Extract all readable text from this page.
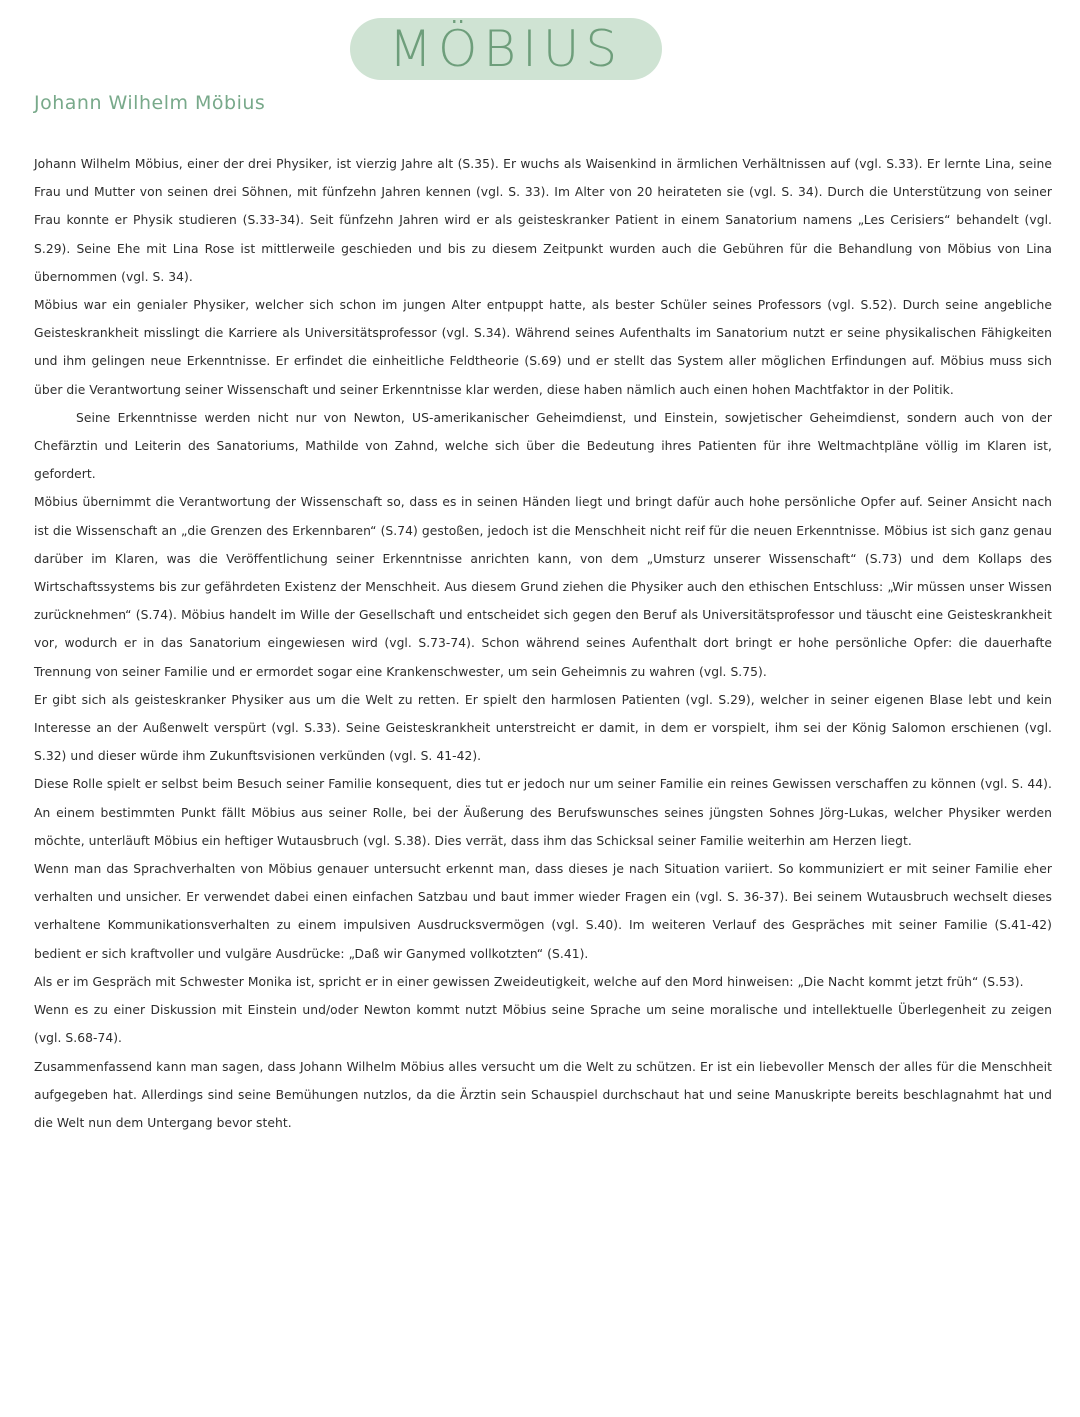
MÖBIUS
Johann Wilhelm Möbius

Johann Wilhelm Möbius, einer der drei Physiker, ist vierzig Jahre alt (S.35). Er wuchs als Waisenkind in ärmlichen Verhältnissen auf (vgl. S.33). Er lernte Lina, seine Frau und Mutter von seinen drei Söhnen, mit fünfzehn Jahren kennen (vgl. S. 33). Im Alter von 20 heirateten sie (vgl. S. 34). Durch die Unterstützung von seiner Frau konnte er Physik studieren (S.33-34). Seit fünfzehn Jahren wird er als geisteskranker Patient in einem Sanatorium namens „Les Cerisiers“ behandelt (vgl. S.29). Seine Ehe mit Lina Rose ist mittlerweile geschieden und bis zu diesem Zeitpunkt wurden auch die Gebühren für die Behandlung von Möbius von Lina übernommen (vgl. S. 34).

Möbius war ein genialer Physiker, welcher sich schon im jungen Alter entpuppt hatte, als bester Schüler seines Professors (vgl. S.52). Durch seine angebliche Geisteskrankheit misslingt die Karriere als Universitätsprofessor (vgl. S.34). Während seines Aufenthalts im Sanatorium nutzt er seine physikalischen Fähigkeiten und ihm gelingen neue Erkenntnisse. Er erfindet die einheitliche Feldtheorie (S.69) und er stellt das System aller möglichen Erfindungen auf. Möbius muss sich über die Verantwortung seiner Wissenschaft und seiner Erkenntnisse klar werden, diese haben nämlich auch einen hohen Machtfaktor in der Politik.

Seine Erkenntnisse werden nicht nur von Newton, US-amerikanischer Geheimdienst, und Einstein, sowjetischer Geheimdienst, sondern auch von der Chefärztin und Leiterin des Sanatoriums, Mathilde von Zahnd, welche sich über die Bedeutung ihres Patienten für ihre Weltmachtpläne völlig im Klaren ist, gefordert.

Möbius übernimmt die Verantwortung der Wissenschaft so, dass es in seinen Händen liegt und bringt dafür auch hohe persönliche Opfer auf. Seiner Ansicht nach ist die Wissenschaft an „die Grenzen des Erkennbaren“ (S.74) gestoßen, jedoch ist die Menschheit nicht reif für die neuen Erkenntnisse. Möbius ist sich ganz genau darüber im Klaren, was die Veröffentlichung seiner Erkenntnisse anrichten kann, von dem „Umsturz unserer Wissenschaft“ (S.73) und dem Kollaps des Wirtschaftssystems bis zur gefährdeten Existenz der Menschheit. Aus diesem Grund ziehen die Physiker auch den ethischen Entschluss: „Wir müssen unser Wissen zurücknehmen“ (S.74). Möbius handelt im Wille der Gesellschaft und entscheidet sich gegen den Beruf als Universitätsprofessor und täuscht eine Geisteskrankheit vor, wodurch er in das Sanatorium eingewiesen wird (vgl. S.73-74). Schon während seines Aufenthalt dort bringt er hohe persönliche Opfer: die dauerhafte Trennung von seiner Familie und er ermordet sogar eine Krankenschwester, um sein Geheimnis zu wahren (vgl. S.75).

Er gibt sich als geisteskranker Physiker aus um die Welt zu retten. Er spielt den harmlosen Patienten (vgl. S.29), welcher in seiner eigenen Blase lebt und kein Interesse an der Außenwelt verspürt (vgl. S.33). Seine Geisteskrankheit unterstreicht er damit, in dem er vorspielt, ihm sei der König Salomon erschienen (vgl. S.32) und dieser würde ihm Zukunftsvisionen verkünden (vgl. S. 41-42).

Diese Rolle spielt er selbst beim Besuch seiner Familie konsequent, dies tut er jedoch nur um seiner Familie ein reines Gewissen verschaffen zu können (vgl. S. 44). An einem bestimmten Punkt fällt Möbius aus seiner Rolle, bei der Äußerung des Berufswunsches seines jüngsten Sohnes Jörg-Lukas, welcher Physiker werden möchte, unterläuft Möbius ein heftiger Wutausbruch (vgl. S.38). Dies verrät, dass ihm das Schicksal seiner Familie weiterhin am Herzen liegt.

Wenn man das Sprachverhalten von Möbius genauer untersucht erkennt man, dass dieses je nach Situation variiert. So kommuniziert er mit seiner Familie eher verhalten und unsicher. Er verwendet dabei einen einfachen Satzbau und baut immer wieder Fragen ein (vgl. S. 36-37). Bei seinem Wutausbruch wechselt dieses verhaltene Kommunikationsverhalten zu einem impulsiven Ausdrucksvermögen (vgl. S.40). Im weiteren Verlauf des Gespräches mit seiner Familie (S.41-42) bedient er sich kraftvoller und vulgäre Ausdrücke: „Daß wir Ganymed vollkotzten“ (S.41).

Als er im Gespräch mit Schwester Monika ist, spricht er in einer gewissen Zweideutigkeit, welche auf den Mord hinweisen: „Die Nacht kommt jetzt früh“ (S.53).

Wenn es zu einer Diskussion mit Einstein und/oder Newton kommt nutzt Möbius seine Sprache um seine moralische und intellektuelle Überlegenheit zu zeigen (vgl. S.68-74).

Zusammenfassend kann man sagen, dass Johann Wilhelm Möbius alles versucht um die Welt zu schützen. Er ist ein liebevoller Mensch der alles für die Menschheit aufgegeben hat. Allerdings sind seine Bemühungen nutzlos, da die Ärztin sein Schauspiel durchschaut hat und seine Manuskripte bereits beschlagnahmt hat und die Welt nun dem Untergang bevor steht.
